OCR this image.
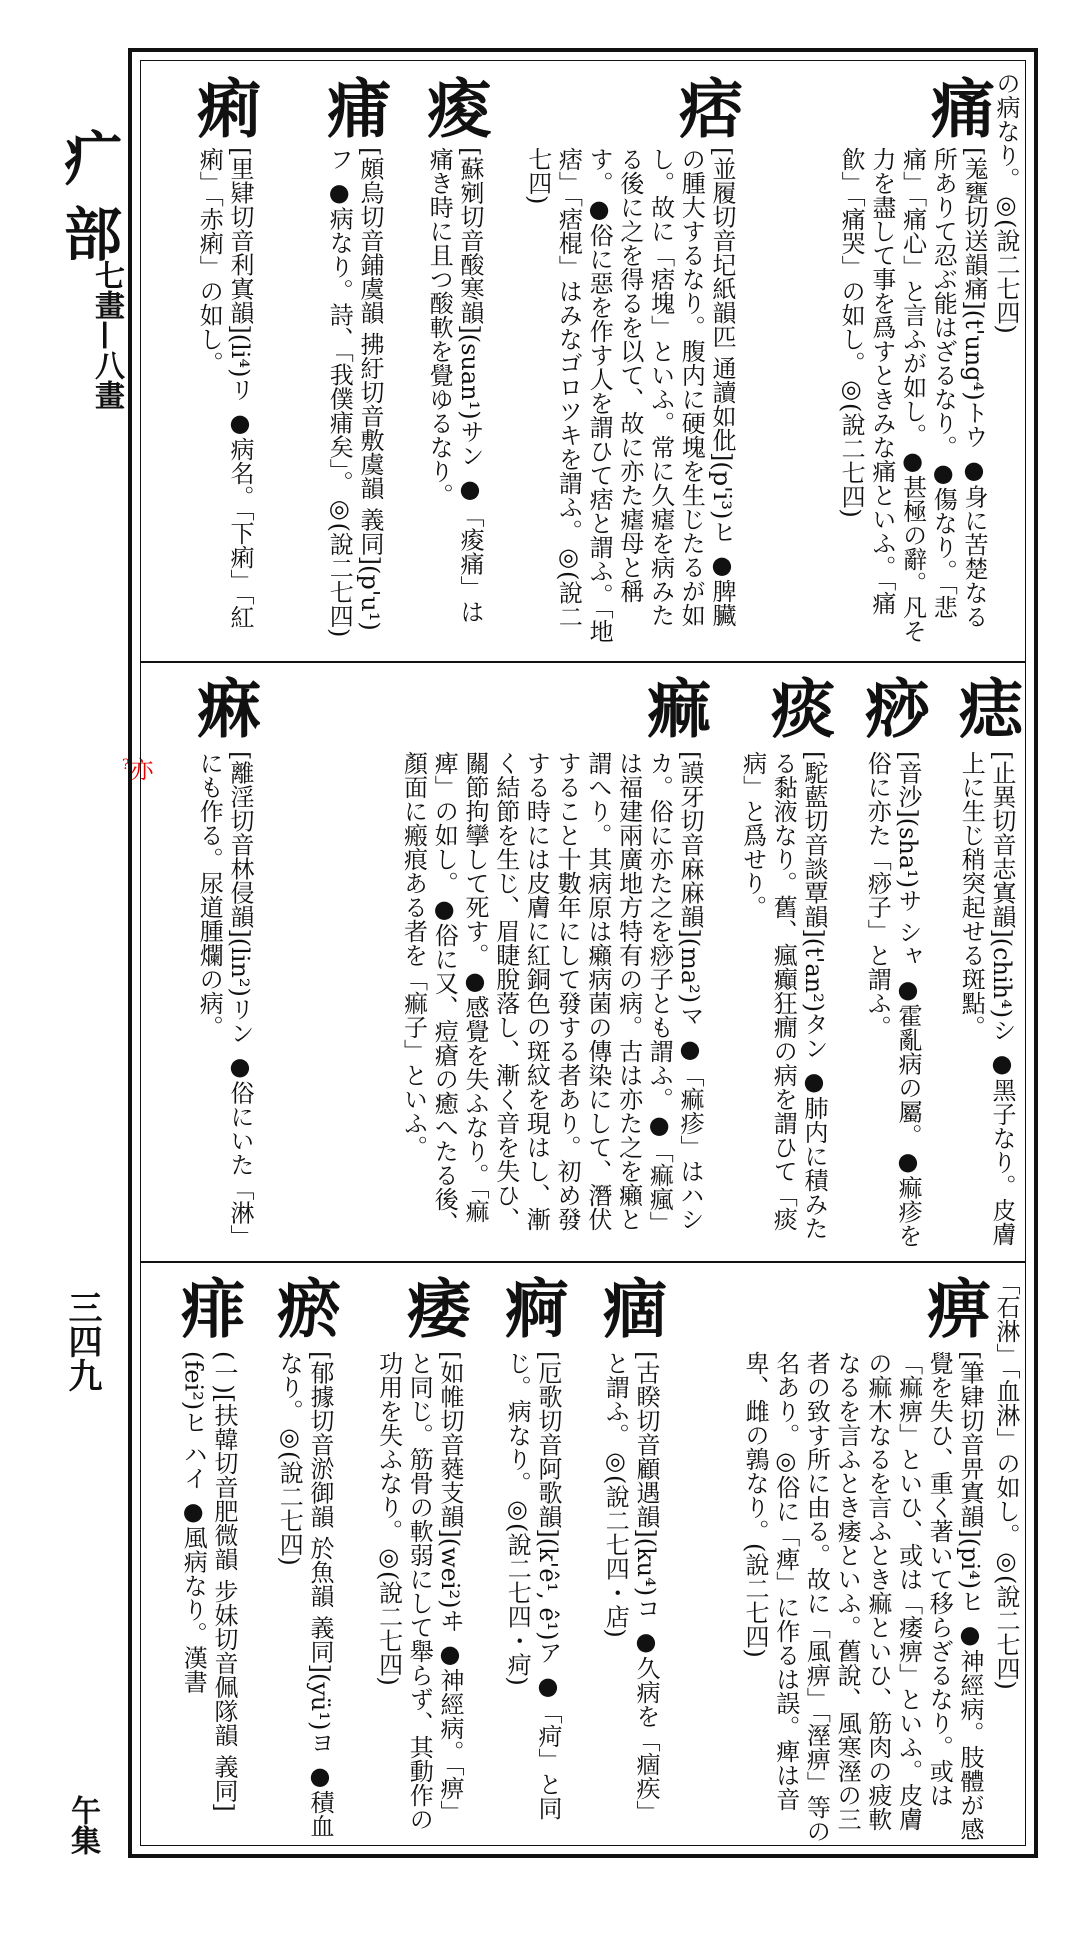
疒部
七畫—八畫
三四九
午集
?亦
痛
痞
痠
痡
痢	の病なり。◎(說二七四)
[羗甕切送韻痛](t'ung⁴)トウ ●身に苦楚なる所ありて忍ぶ能はざるなり。●傷なり。「悲痛」「痛心」と言ふが如し。●甚極の辭。凡そ力を盡して事を爲すときみな痛といふ。「痛飮」「痛哭」の如し。◎(說二七四)
[並履切音圮紙韻匹 通讀如仳](p'i³)ヒ ●脾臟の腫大するなり。腹内に硬塊を生じたるが如し。故に「痞塊」といふ。常に久瘧を病みたる後に之を得るを以て、故に亦た瘧母と稱す。●俗に惡を作す人を謂ひて痞と謂ふ。「地痞」「痞棍」はみなゴロツキを謂ふ。◎(說二七四)
[蘇剜切音酸寒韻](suan¹)サン ●「痠痛」は痛き時に且つ酸軟を覺ゆるなり。
[頗烏切音鋪虞韻 拂紆切音敷虞韻 義同](p'u¹)フ ●病なり。詩、「我僕痡矣」。◎(說二七四)
[里肄切音利寘韻](li⁴)リ ●病名。「下痢」「紅痢」「赤痢」の如し。
痣
痧
痰
痲
痳
[止異切音志寘韻](chih⁴)シ ●黑子なり。皮膚上に生じ稍突起せる斑點。
[音沙](sha¹)サ シャ ●霍亂病の屬。●痲疹を俗に亦た「痧子」と謂ふ。
[駝藍切音談覃韻](t'an²)タン ●肺内に積みたる黏液なり。舊、瘋癲狂癇の病を謂ひて「痰病」と爲せり。
[謨牙切音麻麻韻](ma²)マ ●「痲疹」はハシカ。俗に亦た之を痧子とも謂ふ。●「痲瘋」は福建兩廣地方特有の病。古は亦た之を癩と謂へり。其病原は癩病菌の傳染にして、潛伏すること十數年にして發する者あり。初め發する時には皮膚に紅銅色の斑紋を現はし、漸く結節を生じ、眉睫脫落し、漸く音を失ひ、關節拘攣して死す。●感覺を失ふなり。「痲痺」の如し。●俗に又、痘瘡の癒へたる後、顏面に瘢痕ある者を「痲子」といふ。
[離淫切音林侵韻](lin²)リン ●俗にいた「淋」にも作る。尿道腫爛の病。
痹
痼
痾
痿
瘀
痱	「石淋」「血淋」の如し。◎(說二七四)
[筆肄切音畀寘韻](pi⁴)ヒ ●神經病。肢體が感覺を失ひ、重く著いて移らざるなり。或は「痲痹」といひ、或は「痿痹」といふ。皮膚の痲木なるを言ふとき痲といひ、筋肉の疲軟なるを言ふとき痿といふ。舊說、風寒溼の三者の致す所に由る。故に「風痹」「溼痹」等の名あり。◎俗に「痺」に作るは誤。痺は音卑、雌の鶉なり。(說二七四)
[古睽切音顧遇韻](ku⁴)コ ●久病を「痼疾」と謂ふ。◎(說二七四・店)
[厄歌切音阿歌韻](k'ê¹, ê¹)ア ●「疴」と同じ。病なり。◎(說二七四・疴)
[如帷切音蕤支韻](wei²)ヰ ●神經病。「痹」と同じ。筋骨の軟弱にして舉らず、其動作の功用を失ふなり。◎(說二七四)
[郁據切音淤御韻 於魚韻 義同](yü¹)ヨ ●積血なり。◎(說二七四)
(一)[扶韓切音肥微韻 步妹切音佩隊韻 義同](fei²)ヒ ハイ ●風病なり。漢書
